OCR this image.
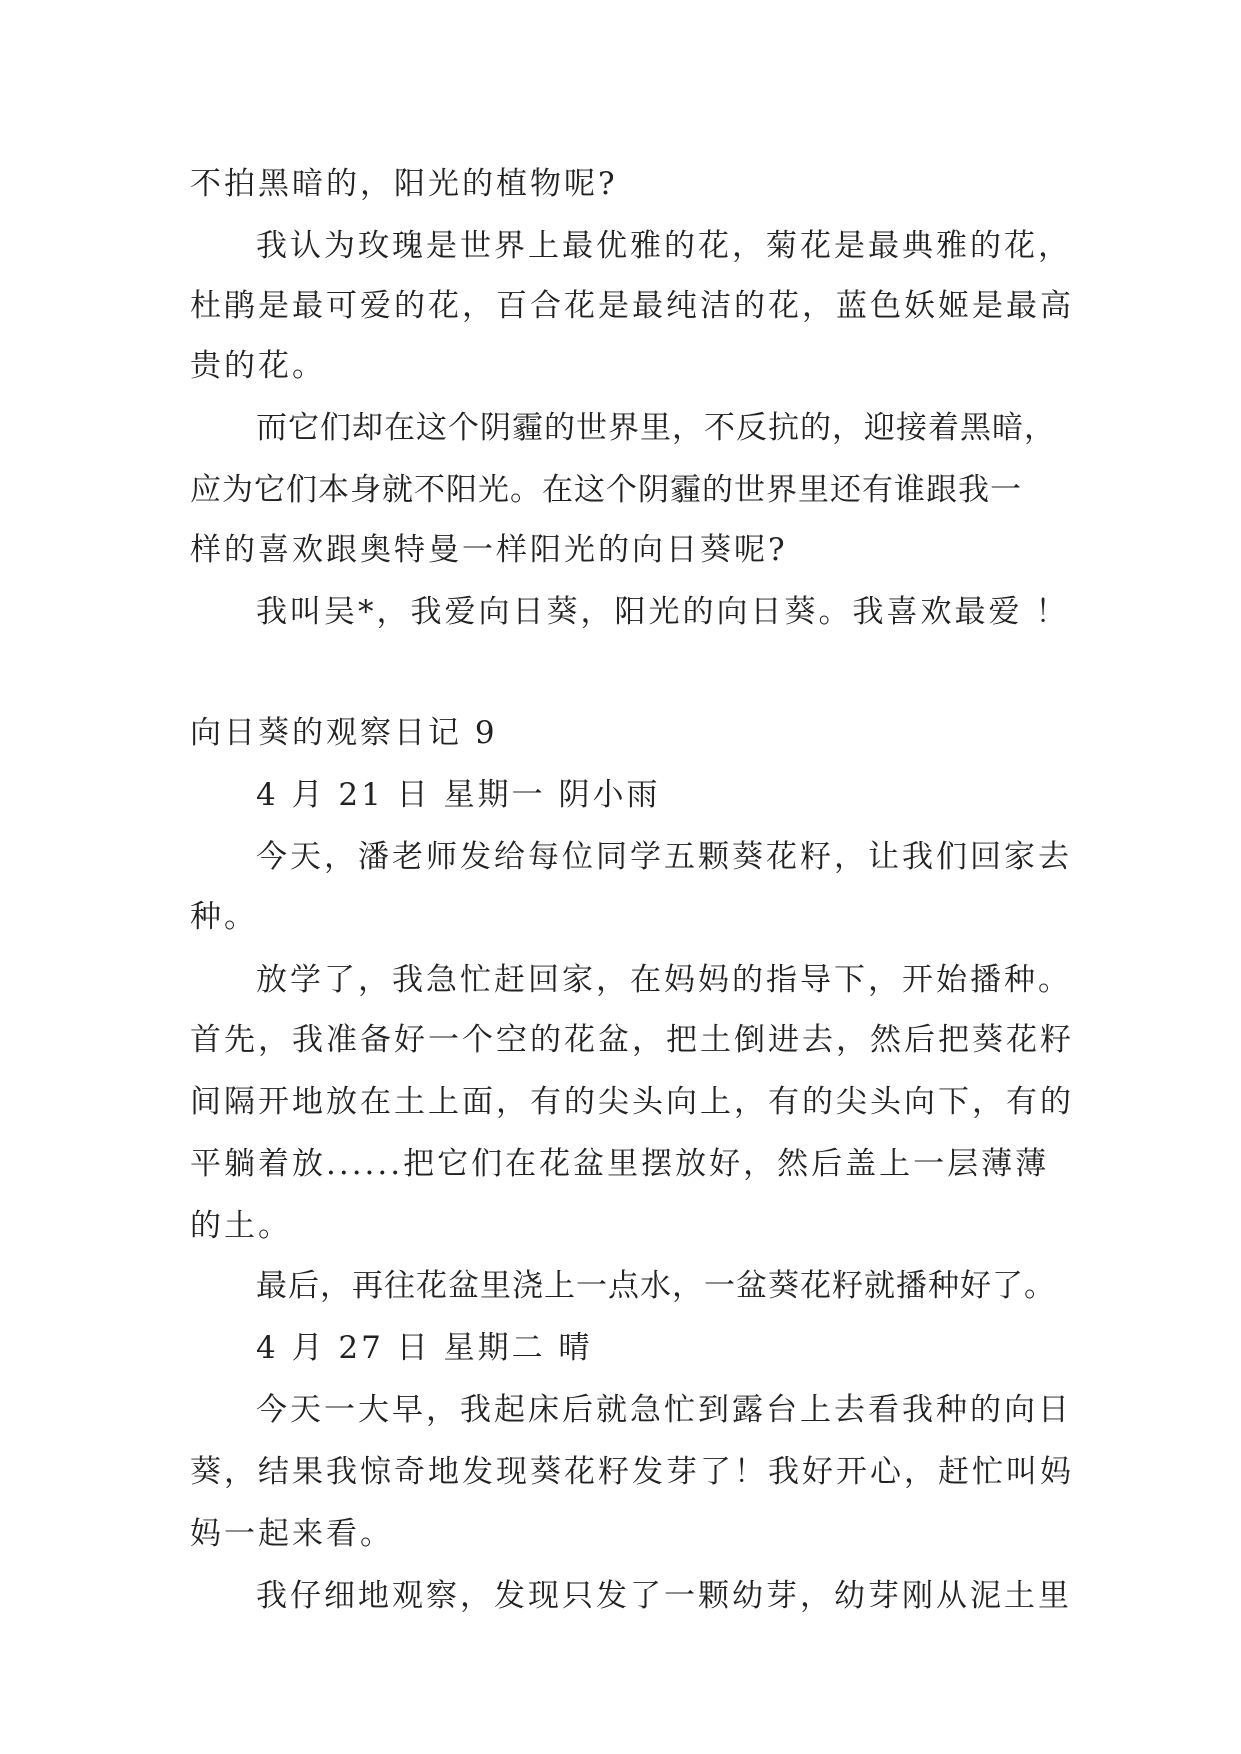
不拍黑暗的，阳光的植物呢?
我认为玫瑰是世界上最优雅的花，菊花是最典雅的花，
杜鹃是最可爱的花，百合花是最纯洁的花，蓝色妖姬是最高
贵的花。
而它们却在这个阴霾的世界里，不反抗的，迎接着黑暗，
应为它们本身就不阳光。在这个阴霾的世界里还有谁跟我一
样的喜欢跟奥特曼一样阳光的向日葵呢?
我叫吴*，我爱向日葵，阳光的向日葵。我喜欢最爱 ！
向日葵的观察日记 9
4 月 21 日 星期一 阴小雨
今天，潘老师发给每位同学五颗葵花籽，让我们回家去
种。
放学了，我急忙赶回家，在妈妈的指导下，开始播种。
首先，我准备好一个空的花盆，把土倒进去，然后把葵花籽
间隔开地放在土上面，有的尖头向上，有的尖头向下，有的
平躺着放......把它们在花盆里摆放好，然后盖上一层薄薄
的土。
最后，再往花盆里浇上一点水，一盆葵花籽就播种好了。
4 月 27 日 星期二 晴
今天一大早，我起床后就急忙到露台上去看我种的向日
葵，结果我惊奇地发现葵花籽发芽了！我好开心，赶忙叫妈
妈一起来看。
我仔细地观察，发现只发了一颗幼芽，幼芽刚从泥土里
